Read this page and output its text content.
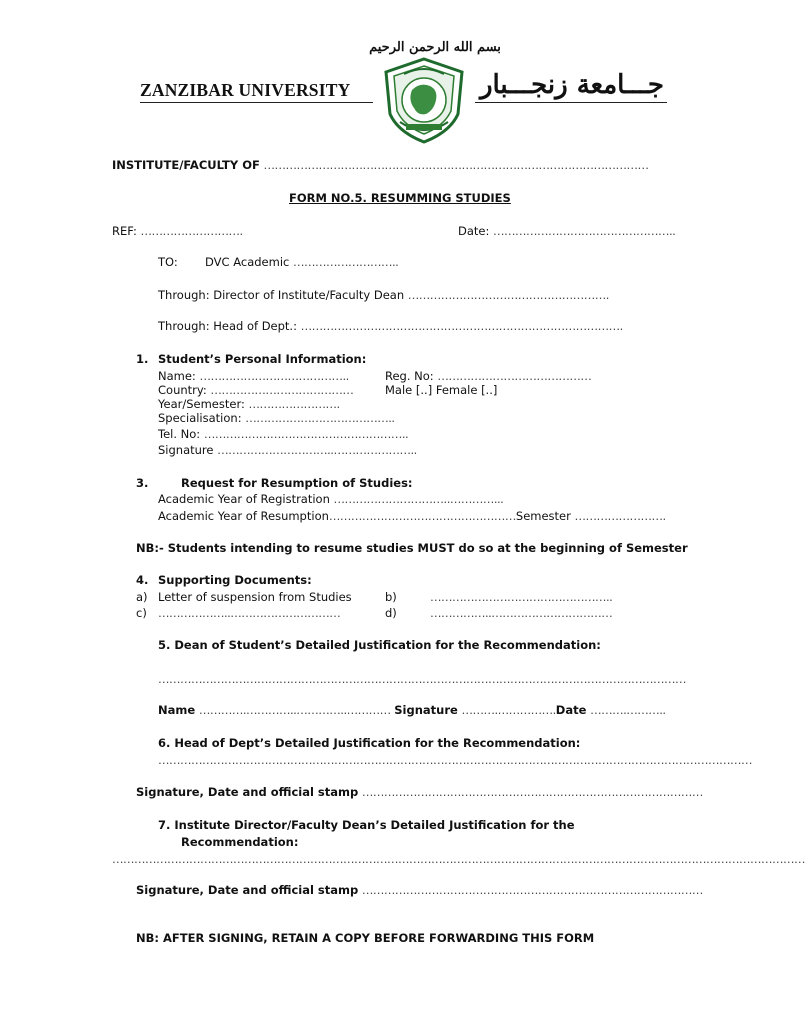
بسم الله الرحمن الرحيم
ZANZIBAR UNIVERSITY	جـــامعة زنجـــبار
INSTITUTE/FACULTY OF ……………………………………………………………………………………………
FORM NO.5. RESUMMING STUDIES
REF: ……………………….	Date: …………………………………………..
TO: DVC Academic ………………………..
Through: Director of Institute/Faculty Dean ……………………………………………….
Through: Head of Dept.: …………………………………………………………………………….
1. Student’s Personal Information:
Name: …………………………………..	Reg. No: ……………………………………
Country: …………………………………	Male [..] Female [..]
Year/Semester: …………………….
Specialisation: …………………………………..
Tel. No: ………………………………………………..
Signature …………………………..…………………..
3.	Request for Resumption of Studies:
Academic Year of Registration …………………………..…………...
Academic Year of Resumption……………………………………………Semester …………………….
NB:- Students intending to resume studies MUST do so at the beginning of Semester
4. Supporting Documents:
a) Letter of suspension from Studies	b)	…………………………………………..
c) ………………..…………………………	d)	……………..……………………………
5. Dean of Student’s Detailed Justification for the Recommendation:
………………………………………………………………………………………………………………………………
Name ………….…………..…………..………… Signature ……….…………….Date ……….………..
6. Head of Dept’s Detailed Justification for the Recommendation:
………………………………………………………………………………………………………………………………………………
Signature, Date and official stamp …………………………………………………………………………………
7. Institute Director/Faculty Dean’s Detailed Justification for the
Recommendation:
………………………………………………………………………………………………………………………………………………………………………
Signature, Date and official stamp …………………………………………………………………………………
NB: AFTER SIGNING, RETAIN A COPY BEFORE FORWARDING THIS FORM
